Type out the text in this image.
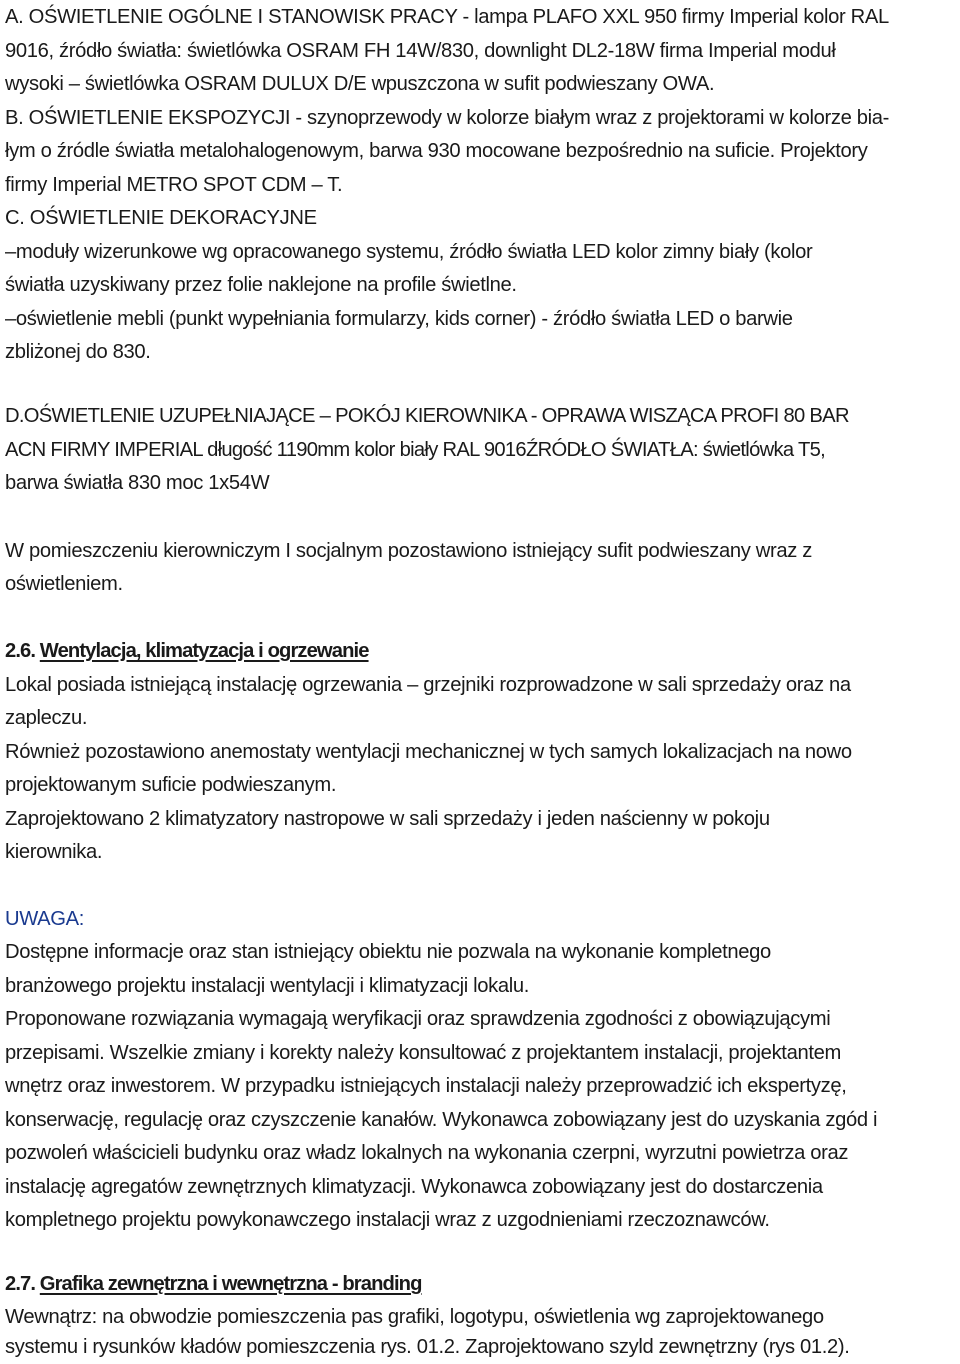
A. OŚWIETLENIE OGÓLNE I STANOWISK PRACY - lampa PLAFO XXL 950 firmy Imperial kolor RAL
9016, źródło światła: świetlówka OSRAM FH 14W/830, downlight DL2-18W firma Imperial moduł
wysoki – świetlówka OSRAM DULUX D/E wpuszczona w sufit podwieszany OWA.
B. OŚWIETLENIE EKSPOZYCJI - szynoprzewody w kolorze białym wraz z projektorami w kolorze bia-
łym o źródle światła metalohalogenowym, barwa 930 mocowane bezpośrednio na suficie. Projektory
firmy Imperial METRO SPOT CDM – T.
C. OŚWIETLENIE DEKORACYJNE
–moduły wizerunkowe wg opracowanego systemu, źródło światła LED kolor zimny biały (kolor
światła uzyskiwany przez folie naklejone na profile świetlne.
–oświetlenie mebli (punkt wypełniania formularzy, kids corner) - źródło światła LED o barwie
zbliżonej do 830.
D.OŚWIETLENIE UZUPEŁNIAJĄCE – POKÓJ KIEROWNIKA - OPRAWA WISZĄCA PROFI 80 BAR
ACN FIRMY IMPERIAL długość 1190mm kolor biały RAL 9016ŹRÓDŁO ŚWIATŁA: świetlówka T5,
barwa światła 830 moc 1x54W
W pomieszczeniu kierowniczym I socjalnym pozostawiono istniejący sufit podwieszany wraz z
oświetleniem.
2.6. Wentylacja, klimatyzacja i ogrzewanie
Lokal posiada istniejącą instalację ogrzewania – grzejniki rozprowadzone w sali sprzedaży oraz na
zapleczu.
Również pozostawiono anemostaty wentylacji mechanicznej w tych samych lokalizacjach na nowo
projektowanym suficie podwieszanym.
Zaprojektowano 2 klimatyzatory nastropowe w sali sprzedaży i jeden naścienny w pokoju
kierownika.
UWAGA:
Dostępne informacje oraz stan istniejący obiektu nie pozwala na wykonanie kompletnego
branżowego projektu instalacji wentylacji i klimatyzacji lokalu.
Proponowane rozwiązania wymagają weryfikacji oraz sprawdzenia zgodności z obowiązującymi
przepisami. Wszelkie zmiany i korekty należy konsultować z projektantem instalacji, projektantem
wnętrz oraz inwestorem. W przypadku istniejących instalacji należy przeprowadzić ich ekspertyzę,
konserwację, regulację oraz czyszczenie kanałów. Wykonawca zobowiązany jest do uzyskania zgód i
pozwoleń właścicieli budynku oraz władz lokalnych na wykonania czerpni, wyrzutni powietrza oraz
instalację agregatów zewnętrznych klimatyzacji. Wykonawca zobowiązany jest do dostarczenia
kompletnego projektu powykonawczego instalacji wraz z uzgodnieniami rzeczoznawców.
2.7. Grafika zewnętrzna i wewnętrzna - branding
Wewnątrz: na obwodzie pomieszczenia pas grafiki, logotypu, oświetlenia wg zaprojektowanego
systemu i rysunków kładów pomieszczenia rys. 01.2. Zaprojektowano szyld zewnętrzny (rys 01.2).
